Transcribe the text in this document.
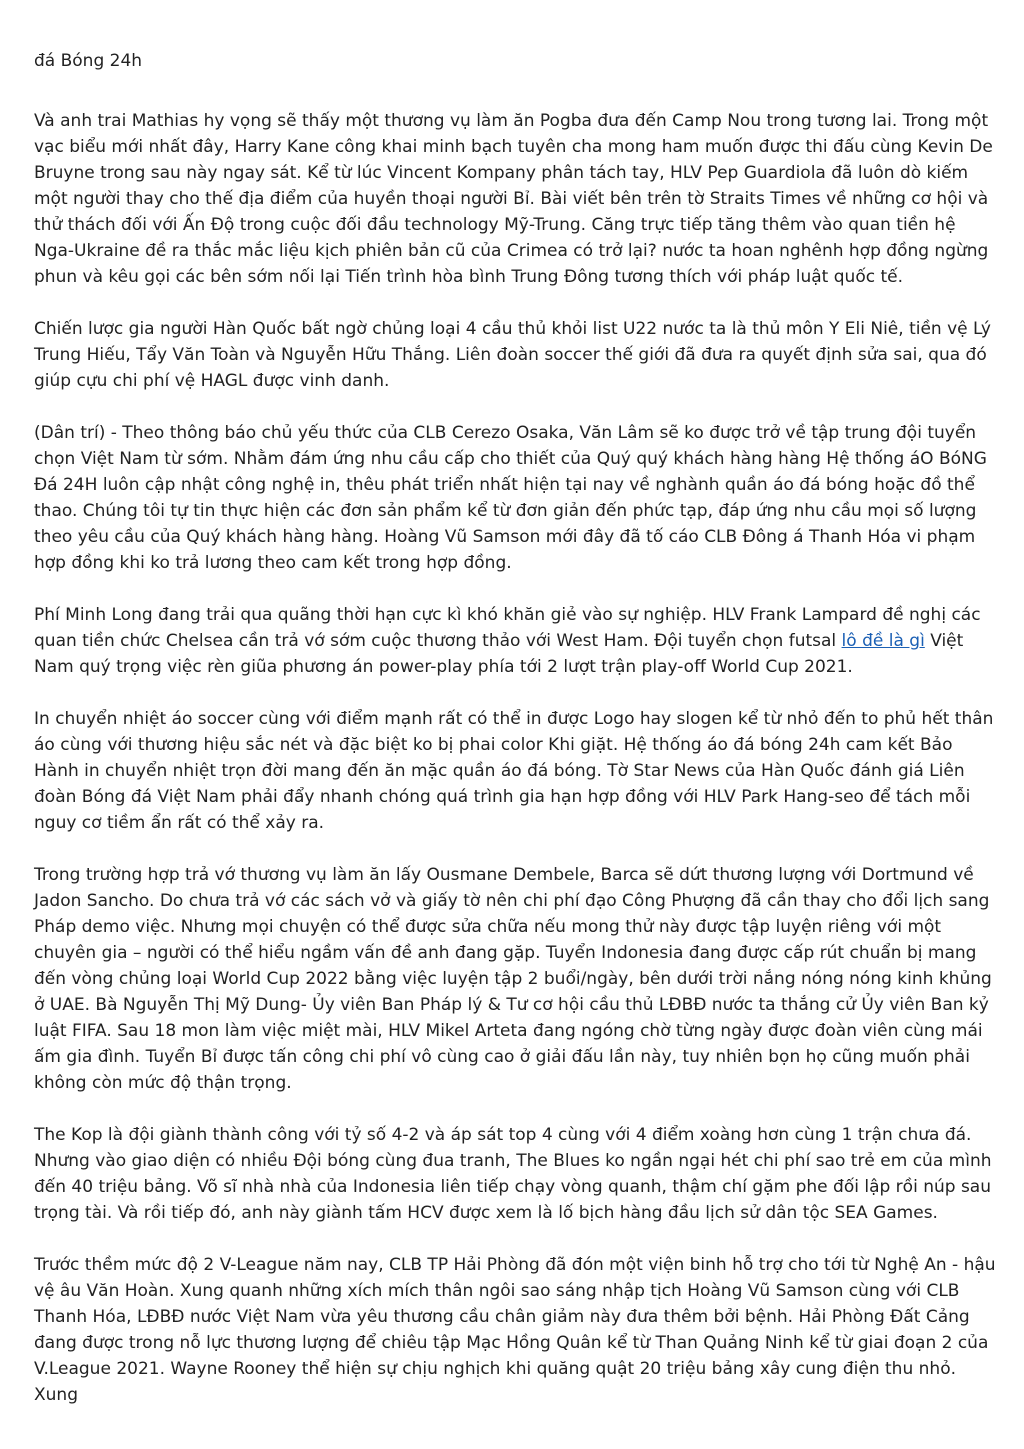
đá Bóng 24h

Và anh trai Mathias hy vọng sẽ thấy một thương vụ làm ăn Pogba đưa đến Camp Nou trong tương lai. Trong một vạc biểu mới nhất đây, Harry Kane công khai minh bạch tuyên cha mong ham muốn được thi đấu cùng Kevin De Bruyne trong sau này ngay sát. Kể từ lúc Vincent Kompany phân tách tay, HLV Pep Guardiola đã luôn dò kiếm một người thay cho thế địa điểm của huyền thoại người Bỉ. Bài viết bên trên tờ Straits Times về những cơ hội và thử thách đối với Ấn Độ trong cuộc đối đầu technology Mỹ-Trung. Căng trực tiếp tăng thêm vào quan tiền hệ Nga-Ukraine đề ra thắc mắc liệu kịch phiên bản cũ của Crimea có trở lại? nước ta hoan nghênh hợp đồng ngừng phun và kêu gọi các bên sớm nối lại Tiến trình hòa bình Trung Đông tương thích với pháp luật quốc tế.

Chiến lược gia người Hàn Quốc bất ngờ chủng loại 4 cầu thủ khỏi list U22 nước ta là thủ môn Y Eli Niê, tiền vệ Lý Trung Hiếu, Tẩy Văn Toàn và Nguyễn Hữu Thắng. Liên đoàn soccer thế giới đã đưa ra quyết định sửa sai, qua đó giúp cựu chi phí vệ HAGL được vinh danh.

(Dân trí) - Theo thông báo chủ yếu thức của CLB Cerezo Osaka, Văn Lâm sẽ ko được trở về tập trung đội tuyển chọn Việt Nam từ sớm. Nhằm đám ứng nhu cầu cấp cho thiết của Quý quý khách hàng hàng Hệ thống áO BóNG Đá 24H luôn cập nhật công nghệ in, thêu phát triển nhất hiện tại nay về nghành quần áo đá bóng hoặc đồ thể thao. Chúng tôi tự tin thực hiện các đơn sản phẩm kể từ đơn giản đến phức tạp, đáp ứng nhu cầu mọi số lượng theo yêu cầu của Quý khách hàng hàng. Hoàng Vũ Samson mới đây đã tố cáo CLB Đông á Thanh Hóa vi phạm hợp đồng khi ko trả lương theo cam kết trong hợp đồng.

Phí Minh Long đang trải qua quãng thời hạn cực kì khó khăn giẻ vào sự nghiệp. HLV Frank Lampard đề nghị các quan tiền chức Chelsea cần trả vớ sớm cuộc thương thảo với West Ham. Đội tuyển chọn futsal lô đề là gì Việt Nam quý trọng việc rèn giũa phương án power-play phía tới 2 lượt trận play-off World Cup 2021.

In chuyển nhiệt áo soccer cùng với điểm mạnh rất có thể in được Logo hay slogen kể từ nhỏ đến to phủ hết thân áo cùng với thương hiệu sắc nét và đặc biệt ko bị phai color Khi giặt. Hệ thống áo đá bóng 24h cam kết Bảo Hành in chuyển nhiệt trọn đời mang đến ăn mặc quần áo đá bóng. Tờ Star News của Hàn Quốc đánh giá Liên đoàn Bóng đá Việt Nam phải đẩy nhanh chóng quá trình gia hạn hợp đồng với HLV Park Hang-seo để tách mỗi nguy cơ tiềm ẩn rất có thể xảy ra.

Trong trường hợp trả vớ thương vụ làm ăn lấy Ousmane Dembele, Barca sẽ dứt thương lượng với Dortmund về Jadon Sancho. Do chưa trả vớ các sách vở và giấy tờ nên chi phí đạo Công Phượng đã cần thay cho đổi lịch sang Pháp demo việc. Nhưng mọi chuyện có thể được sửa chữa nếu mong thử này được tập luyện riêng với một chuyên gia – người có thể hiểu ngầm vấn đề anh đang gặp. Tuyển Indonesia đang được cấp rút chuẩn bị mang đến vòng chủng loại World Cup 2022 bằng việc luyện tập 2 buổi/ngày, bên dưới trời nắng nóng nóng kinh khủng ở UAE. Bà Nguyễn Thị Mỹ Dung- Ủy viên Ban Pháp lý & Tư cơ hội cầu thủ LĐBĐ nước ta thắng cử Ủy viên Ban kỷ luật FIFA. Sau 18 mon làm việc miệt mài, HLV Mikel Arteta đang ngóng chờ từng ngày được đoàn viên cùng mái ấm gia đình. Tuyển Bỉ được tấn công chi phí vô cùng cao ở giải đấu lần này, tuy nhiên bọn họ cũng muốn phải không còn mức độ thận trọng.

The Kop là đội giành thành công với tỷ số 4-2 và áp sát top 4 cùng với 4 điểm xoàng hơn cùng 1 trận chưa đá. Nhưng vào giao diện có nhiều Đội bóng cùng đua tranh, The Blues ko ngần ngại hét chi phí sao trẻ em của mình đến 40 triệu bảng. Võ sĩ nhà nhà của Indonesia liên tiếp chạy vòng quanh, thậm chí gặm phe đối lập rồi núp sau trọng tài. Và rồi tiếp đó, anh này giành tấm HCV được xem là lố bịch hàng đầu lịch sử dân tộc SEA Games.

Trước thềm mức độ 2 V-League năm nay, CLB TP Hải Phòng đã đón một viện binh hỗ trợ cho tới từ Nghệ An - hậu vệ âu Văn Hoàn. Xung quanh những xích mích thân ngôi sao sáng nhập tịch Hoàng Vũ Samson cùng với CLB Thanh Hóa, LĐBĐ nước Việt Nam vừa yêu thương cầu chân giảm này đưa thêm bởi bệnh. Hải Phòng Đất Cảng đang được trong nỗ lực thương lượng để chiêu tập Mạc Hồng Quân kể từ Than Quảng Ninh kể từ giai đoạn 2 của V.League 2021. Wayne Rooney thể hiện sự chịu nghịch khi quăng quật 20 triệu bảng xây cung điện thu nhỏ. Xung
